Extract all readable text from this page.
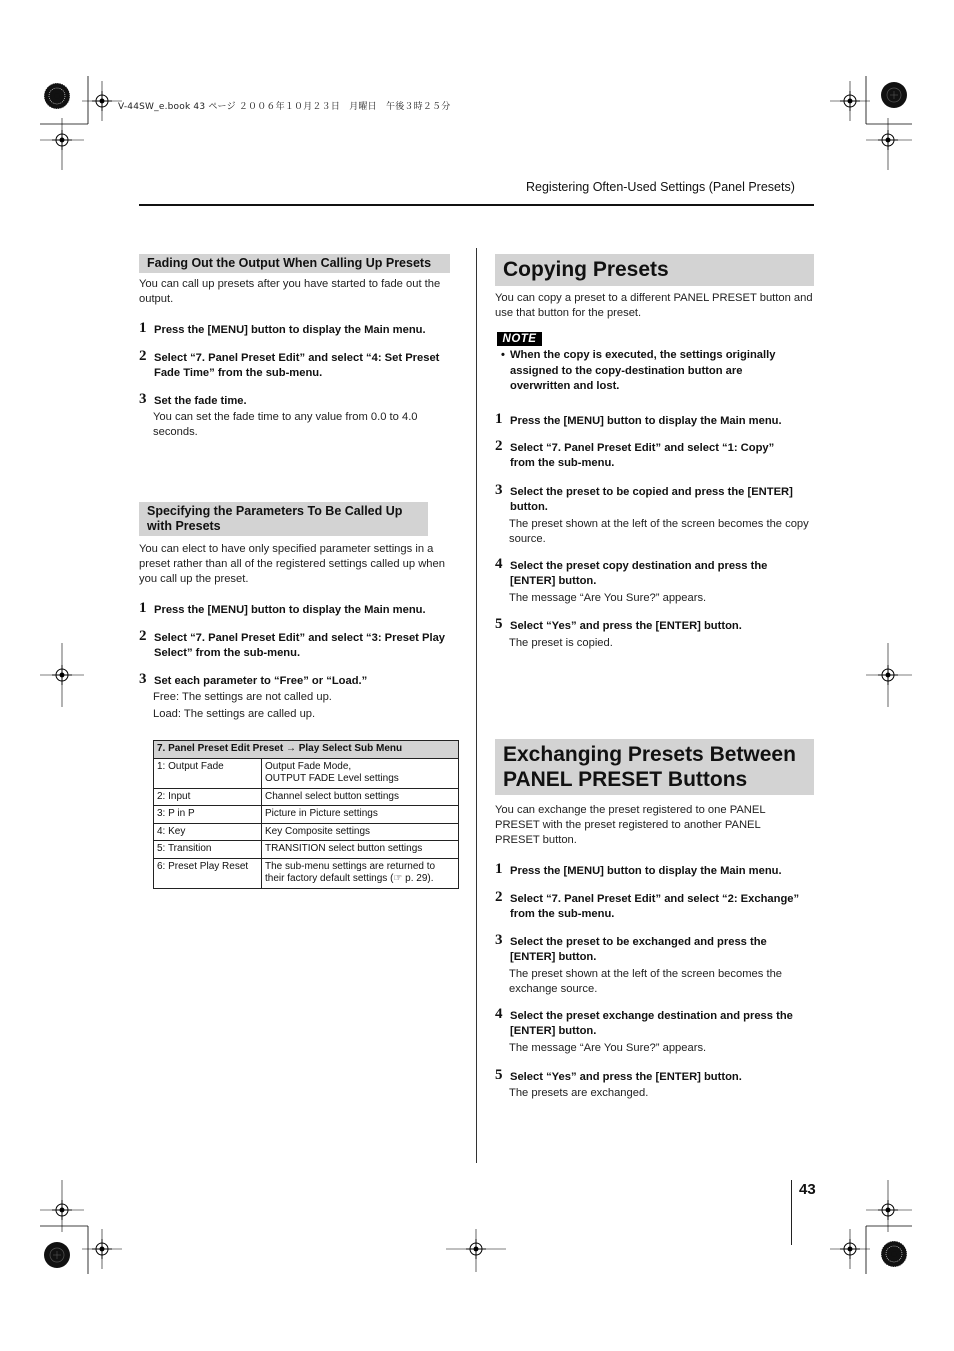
V-44SW_e.book 43 ページ ２００６年１０月２３日　月曜日　午後３時２５分
Registering Often-Used Settings (Panel Presets)
Fading Out the Output When Calling Up Presets
You can call up presets after you have started to fade out the output.
1 Press the [MENU] button to display the Main menu.
2 Select “7. Panel Preset Edit” and select “4: Set Preset Fade Time” from the sub-menu.
3 Set the fade time.
You can set the fade time to any value from 0.0 to 4.0 seconds.
Specifying the Parameters To Be Called Up with Presets
You can elect to have only specified parameter settings in a preset rather than all of the registered settings called up when you call up the preset.
1 Press the [MENU] button to display the Main menu.
2 Select “7. Panel Preset Edit” and select “3: Preset Play Select” from the sub-menu.
3 Set each parameter to “Free” or “Load.”
Free: The settings are not called up.
Load: The settings are called up.
7. Panel Preset Edit Preset → Play Select Sub Menu	
1: Output Fade	Output Fade Mode,
OUTPUT FADE Level settings

2: Input	Channel select button settings
3: P in P	Picture in Picture settings
4: Key	Key Composite settings
5: Transition	TRANSITION select button settings
6: Preset Play Reset	The sub-menu settings are returned to
their factory default settings (☞ p. 29).
Copying Presets
You can copy a preset to a different PANEL PRESET button and use that button for the preset.
NOTE
• When the copy is executed, the settings originally assigned to the copy-destination button are overwritten and lost.
1 Press the [MENU] button to display the Main menu.
2 Select “7. Panel Preset Edit” and select “1: Copy” from the sub-menu.
3 Select the preset to be copied and press the [ENTER] button.
The preset shown at the left of the screen becomes the copy source.
4 Select the preset copy destination and press the [ENTER] button.
The message “Are You Sure?” appears.
5 Select “Yes” and press the [ENTER] button.
The preset is copied.
Exchanging Presets Between
PANEL PRESET Buttons
You can exchange the preset registered to one PANEL PRESET with the preset registered to another PANEL PRESET button.
1 Press the [MENU] button to display the Main menu.
2 Select “7. Panel Preset Edit” and select “2: Exchange” from the sub-menu.
3 Select the preset to be exchanged and press the [ENTER] button.
The preset shown at the left of the screen becomes the exchange source.
4 Select the preset exchange destination and press the [ENTER] button.
The message “Are You Sure?” appears.
5 Select “Yes” and press the [ENTER] button.
The presets are exchanged.
43
